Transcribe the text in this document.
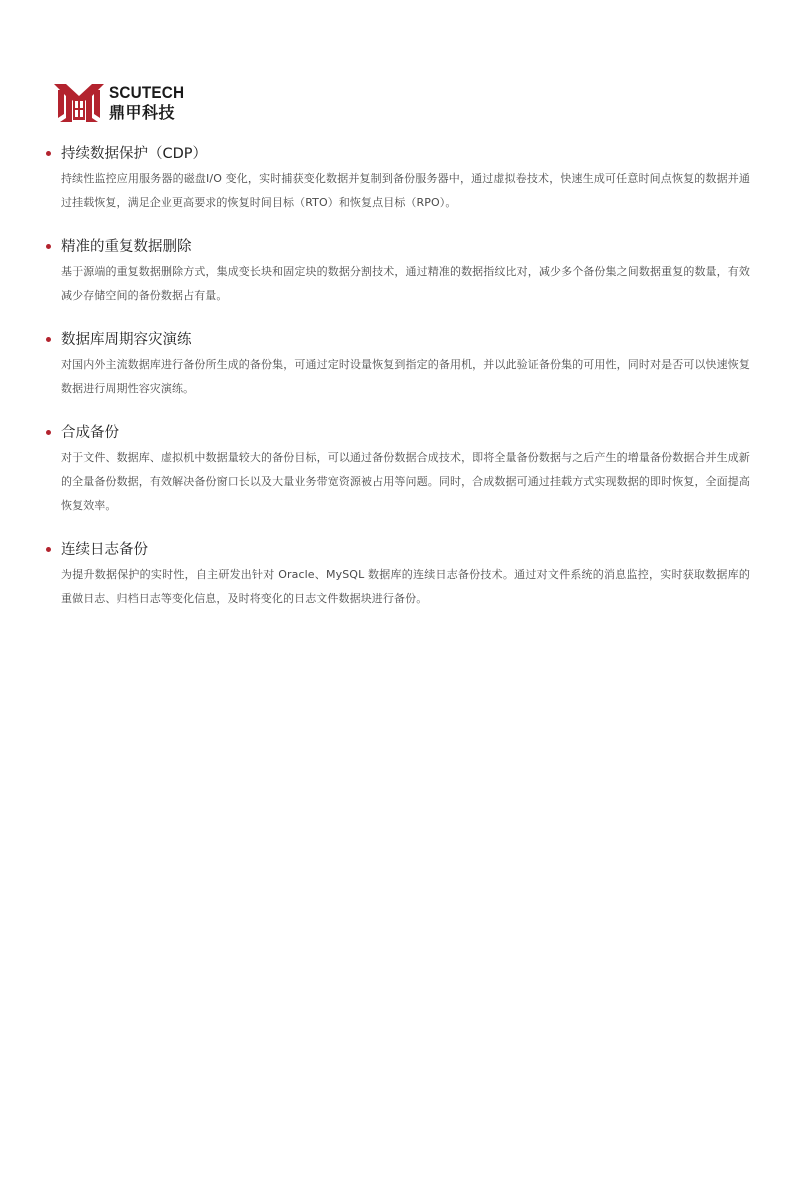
SCUTECH
鼎甲科技
持续数据保护（CDP）
持续性监控应用服务器的磁盘I/O 变化，实时捕获变化数据并复制到备份服务器中，通过虚拟卷技术，快速生成可任意时间点恢复的数据并通过挂载恢复，满足企业更高要求的恢复时间目标（RTO）和恢复点目标（RPO）。
精准的重复数据删除
基于源端的重复数据删除方式，集成变长块和固定块的数据分割技术，通过精准的数据指纹比对，减少多个备份集之间数据重复的数量，有效减少存储空间的备份数据占有量。
数据库周期容灾演练
对国内外主流数据库进行备份所生成的备份集，可通过定时设量恢复到指定的备用机，并以此验证备份集的可用性，同时对是否可以快速恢复数据进行周期性容灾演练。
合成备份
对于文件、数据库、虚拟机中数据量较大的备份目标，可以通过备份数据合成技术，即将全量备份数据与之后产生的增量备份数据合并生成新的全量备份数据，有效解决备份窗口长以及大量业务带宽资源被占用等问题。同时，合成数据可通过挂载方式实现数据的即时恢复，全面提高恢复效率。
连续日志备份
为提升数据保护的实时性，自主研发出针对 Oracle、MySQL 数据库的连续日志备份技术。通过对文件系统的消息监控，实时获取数据库的重做日志、归档日志等变化信息，及时将变化的日志文件数据块进行备份。
